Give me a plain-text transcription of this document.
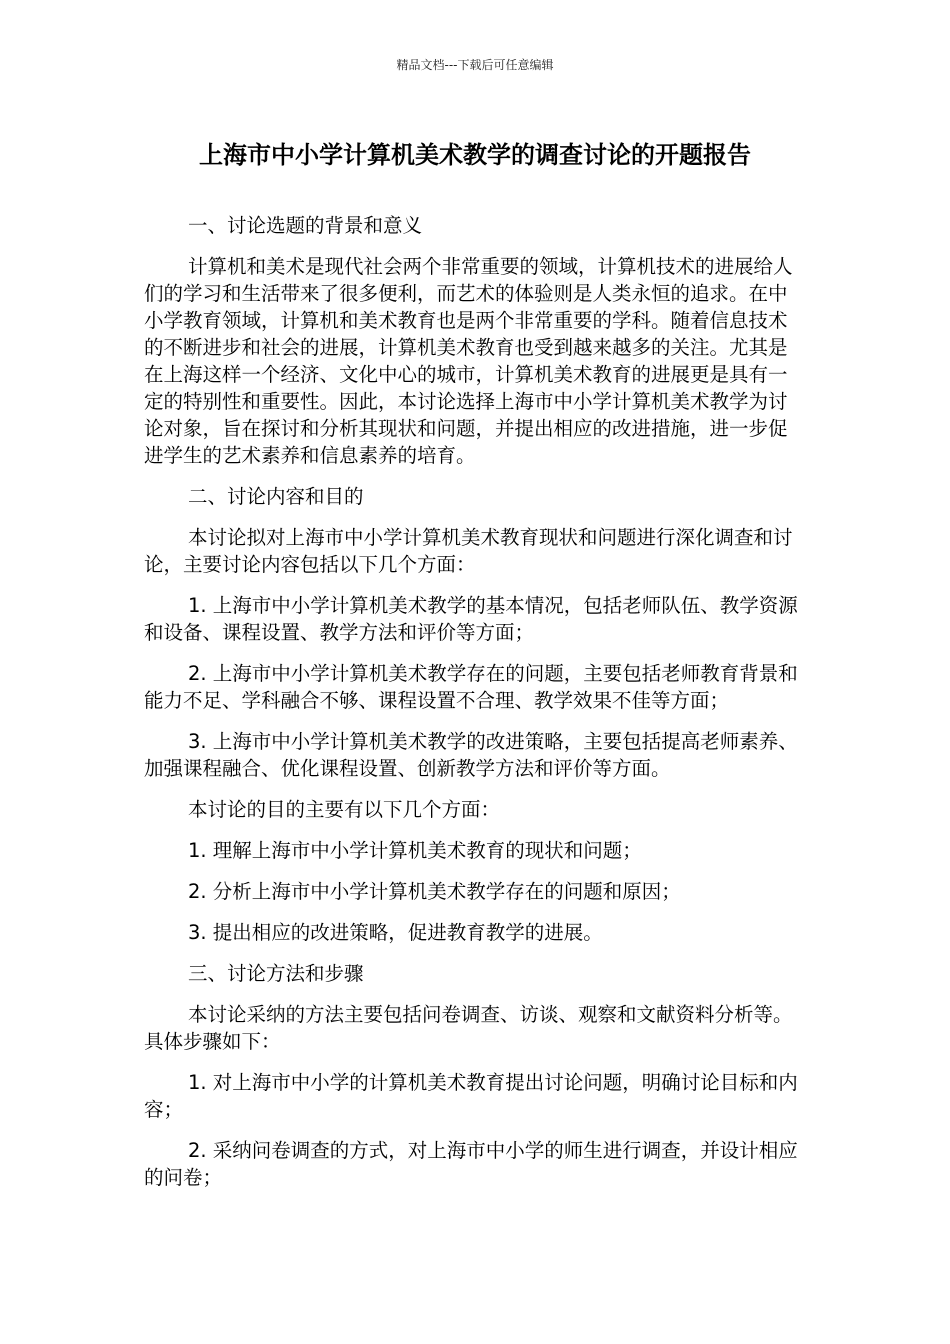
精品文档---下载后可任意编辑
上海市中小学计算机美术教学的调查讨论的开题报告

一、讨论选题的背景和意义

计算机和美术是现代社会两个非常重要的领域，计算机技术的进展给人们的学习和生活带来了很多便利，而艺术的体验则是人类永恒的追求。在中小学教育领域，计算机和美术教育也是两个非常重要的学科。随着信息技术的不断进步和社会的进展，计算机美术教育也受到越来越多的关注。尤其是在上海这样一个经济、文化中心的城市，计算机美术教育的进展更是具有一定的特别性和重要性。因此，本讨论选择上海市中小学计算机美术教学为讨论对象，旨在探讨和分析其现状和问题，并提出相应的改进措施，进一步促进学生的艺术素养和信息素养的培育。

二、讨论内容和目的

本讨论拟对上海市中小学计算机美术教育现状和问题进行深化调查和讨论，主要讨论内容包括以下几个方面：

1. 上海市中小学计算机美术教学的基本情况，包括老师队伍、教学资源和设备、课程设置、教学方法和评价等方面；

2. 上海市中小学计算机美术教学存在的问题，主要包括老师教育背景和能力不足、学科融合不够、课程设置不合理、教学效果不佳等方面；

3. 上海市中小学计算机美术教学的改进策略，主要包括提高老师素养、加强课程融合、优化课程设置、创新教学方法和评价等方面。

本讨论的目的主要有以下几个方面：

1. 理解上海市中小学计算机美术教育的现状和问题；

2. 分析上海市中小学计算机美术教学存在的问题和原因；

3. 提出相应的改进策略，促进教育教学的进展。

三、讨论方法和步骤

本讨论采纳的方法主要包括问卷调查、访谈、观察和文献资料分析等。具体步骤如下：

1. 对上海市中小学的计算机美术教育提出讨论问题，明确讨论目标和内容；

2. 采纳问卷调查的方式，对上海市中小学的师生进行调查，并设计相应的问卷；
